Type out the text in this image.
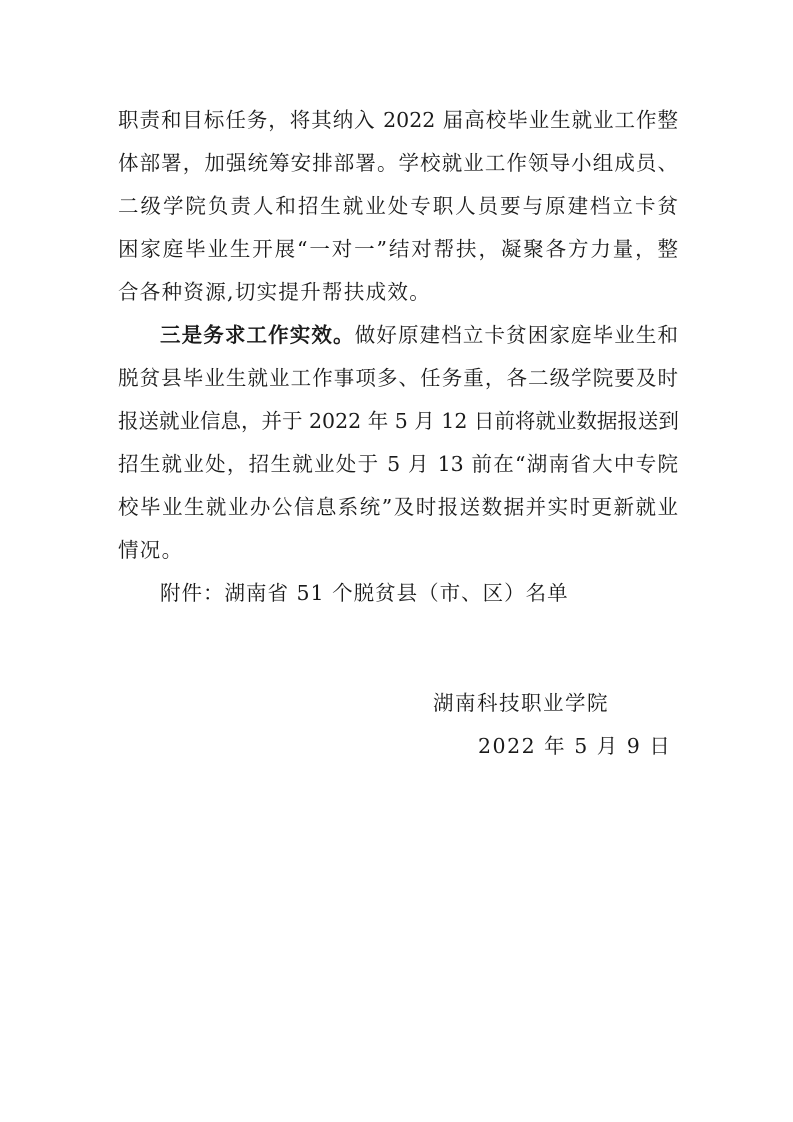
职责和目标任务，将其纳入 2022 届高校毕业生就业工作整
体部署，加强统筹安排部署。学校就业工作领导小组成员、
二级学院负责人和招生就业处专职人员要与原建档立卡贫
困家庭毕业生开展“一对一”结对帮扶，凝聚各方力量，整
合各种资源,切实提升帮扶成效。
三是务求工作实效。做好原建档立卡贫困家庭毕业生和
脱贫县毕业生就业工作事项多、任务重，各二级学院要及时
报送就业信息，并于 2022 年 5 月 12 日前将就业数据报送到
招生就业处，招生就业处于 5 月 13 前在“湖南省大中专院
校毕业生就业办公信息系统”及时报送数据并实时更新就业
情况。
附件：湖南省 51 个脱贫县（市、区）名单
湖南科技职业学院
2022 年 5 月 9 日
